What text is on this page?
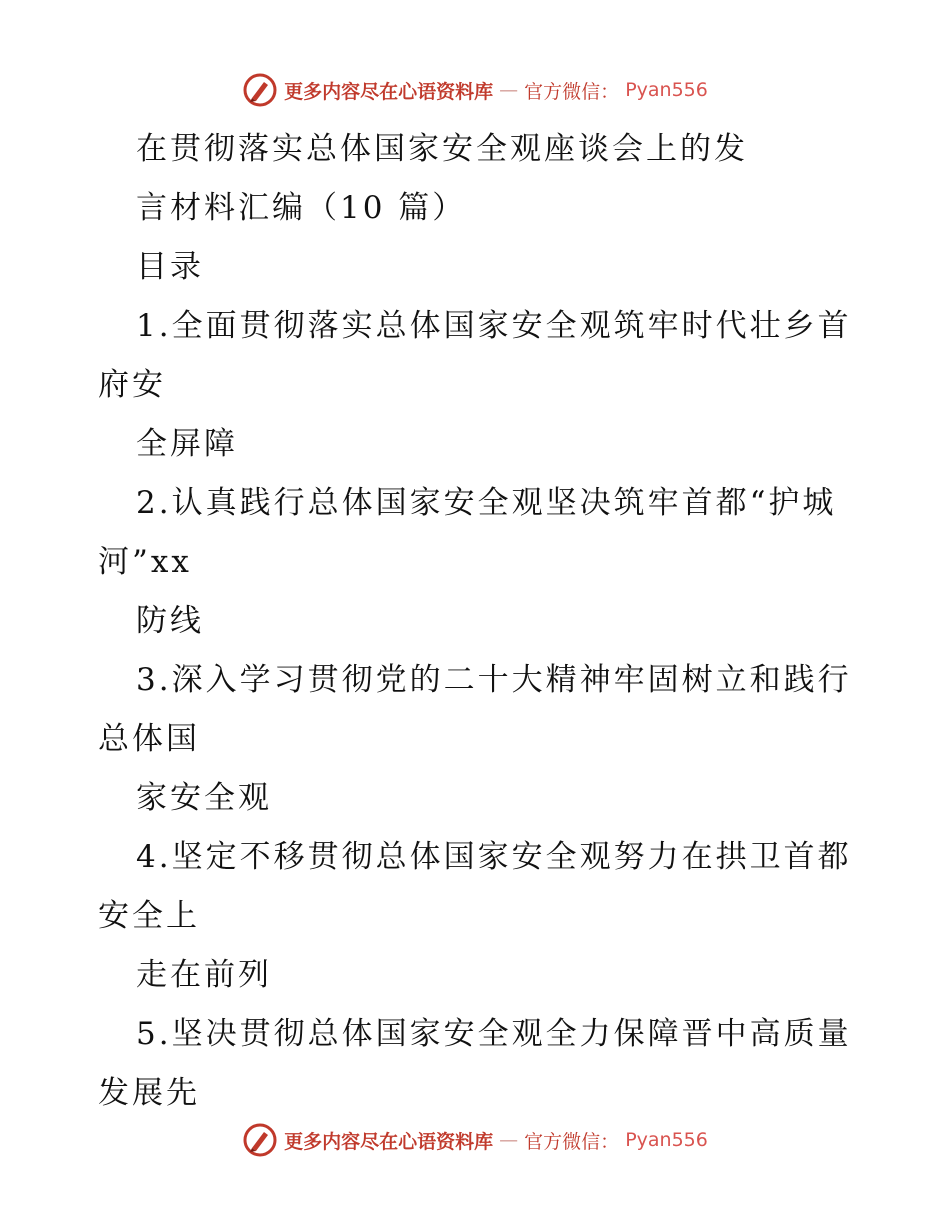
更多内容尽在心语资料库 — 官方微信： Pyan556
在贯彻落实总体国家安全观座谈会上的发
言材料汇编（10 篇）
目录
1.全面贯彻落实总体国家安全观筑牢时代壮乡首
府安
全屏障
2.认真践行总体国家安全观坚决筑牢首都“护城
河”xx
防线
3.深入学习贯彻党的二十大精神牢固树立和践行
总体国
家安全观
4.坚定不移贯彻总体国家安全观努力在拱卫首都
安全上
走在前列
5.坚决贯彻总体国家安全观全力保障晋中高质量
发展先
更多内容尽在心语资料库 — 官方微信： Pyan556
